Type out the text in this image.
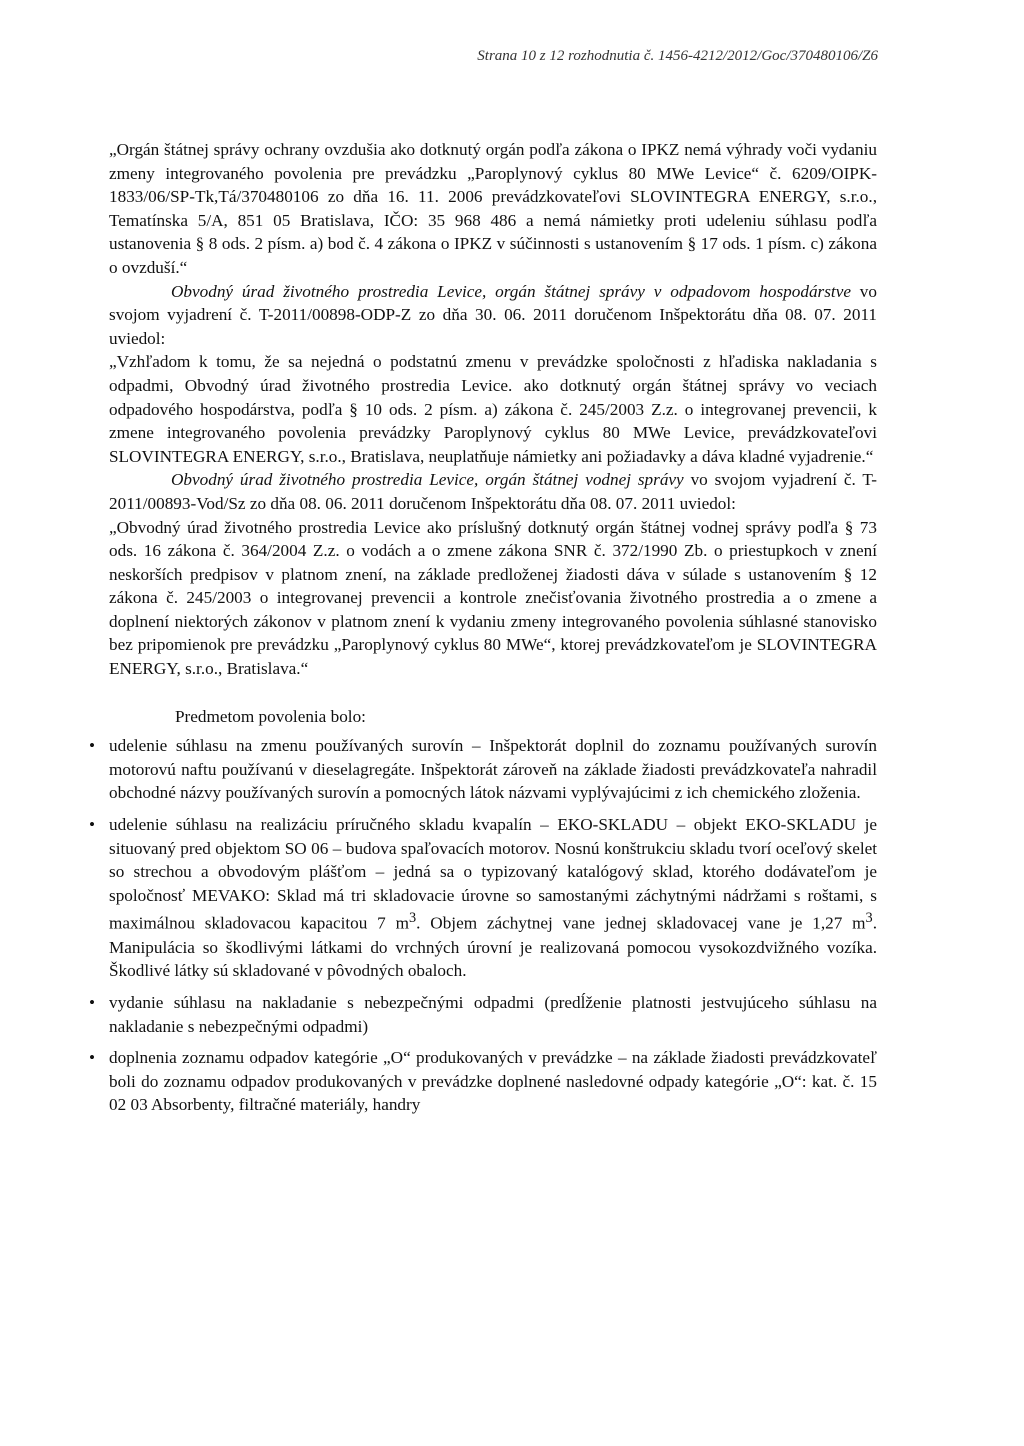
Strana 10 z 12 rozhodnutia č. 1456-4212/2012/Goc/370480106/Z6

„Orgán štátnej správy ochrany ovzdušia ako dotknutý orgán podľa zákona o IPKZ nemá výhrady voči vydaniu zmeny integrovaného povolenia pre prevádzku „Paroplynový cyklus 80 MWe Levice“ č. 6209/OIPK-1833/06/SP-Tk,Tá/370480106 zo dňa 16. 11. 2006 prevádzkovateľovi SLOVINTEGRA ENERGY, s.r.o., Tematínska 5/A, 851 05 Bratislava, IČO: 35 968 486 a nemá námietky proti udeleniu súhlasu podľa ustanovenia § 8 ods. 2 písm. a) bod č. 4 zákona o IPKZ v súčinnosti s ustanovením § 17 ods. 1 písm. c) zákona o ovzduší.“

Obvodný úrad životného prostredia Levice, orgán štátnej správy v odpadovom hospodárstve vo svojom vyjadrení č. T-2011/00898-ODP-Z zo dňa 30. 06. 2011 doručenom Inšpektorátu dňa 08. 07. 2011 uviedol:

„Vzhľadom k tomu, že sa nejedná o podstatnú zmenu v prevádzke spoločnosti z hľadiska nakladania s odpadmi, Obvodný úrad životného prostredia Levice. ako dotknutý orgán štátnej správy vo veciach odpadového hospodárstva, podľa § 10 ods. 2 písm. a) zákona č. 245/2003 Z.z. o integrovanej prevencii, k zmene integrovaného povolenia prevádzky Paroplynový cyklus 80 MWe Levice, prevádzkovateľovi SLOVINTEGRA ENERGY, s.r.o., Bratislava, neuplatňuje námietky ani požiadavky a dáva kladné vyjadrenie.“

Obvodný úrad životného prostredia Levice, orgán štátnej vodnej správy vo svojom vyjadrení č. T-2011/00893-Vod/Sz zo dňa 08. 06. 2011 doručenom Inšpektorátu dňa 08. 07. 2011 uviedol:

„Obvodný úrad životného prostredia Levice ako príslušný dotknutý orgán štátnej vodnej správy podľa § 73 ods. 16 zákona č. 364/2004 Z.z. o vodách a o zmene zákona SNR č. 372/1990 Zb. o priestupkoch v znení neskorších predpisov v platnom znení, na základe predloženej žiadosti dáva v súlade s ustanovením § 12 zákona č. 245/2003 o integrovanej prevencii a kontrole znečisťovania životného prostredia a o zmene a doplnení niektorých zákonov v platnom znení k vydaniu zmeny integrovaného povolenia súhlasné stanovisko bez pripomienok pre prevádzku „Paroplynový cyklus 80 MWe“, ktorej prevádzkovateľom je SLOVINTEGRA ENERGY, s.r.o., Bratislava.“

Predmetom povolenia bolo:

• udelenie súhlasu na zmenu používaných surovín – Inšpektorát doplnil do zoznamu používaných surovín motorovú naftu používanú v dieselagregáte. Inšpektorát zároveň na základe žiadosti prevádzkovateľa nahradil obchodné názvy používaných surovín a pomocných látok názvami vyplývajúcimi z ich chemického zloženia.
• udelenie súhlasu na realizáciu príručného skladu kvapalín – EKO-SKLADU – objekt EKO-SKLADU je situovaný pred objektom SO 06 – budova spaľovacích motorov. Nosnú konštrukciu skladu tvorí oceľový skelet so strechou a obvodovým plášťom – jedná sa o typizovaný katalógový sklad, ktorého dodávateľom je spoločnosť MEVAKO: Sklad má tri skladovacie úrovne so samostanými záchytnými nádržami s roštami, s maximálnou skladovacou kapacitou 7 $m^3$. Objem záchytnej vane jednej skladovacej vane je 1,27 $m^3$. Manipulácia so škodlivými látkami do vrchných úrovní je realizovaná pomocou vysokozdvižného vozíka. Škodlivé látky sú skladované v pôvodných obaloch.
• vydanie súhlasu na nakladanie s nebezpečnými odpadmi (predĺženie platnosti jestvujúceho súhlasu na nakladanie s nebezpečnými odpadmi)
• doplnenia zoznamu odpadov kategórie „O“ produkovaných v prevádzke – na základe žiadosti prevádzkovateľ boli do zoznamu odpadov produkovaných v prevádzke doplnené nasledovné odpady kategórie „O“: kat. č. 15 02 03 Absorbenty, filtračné materiály, handry
